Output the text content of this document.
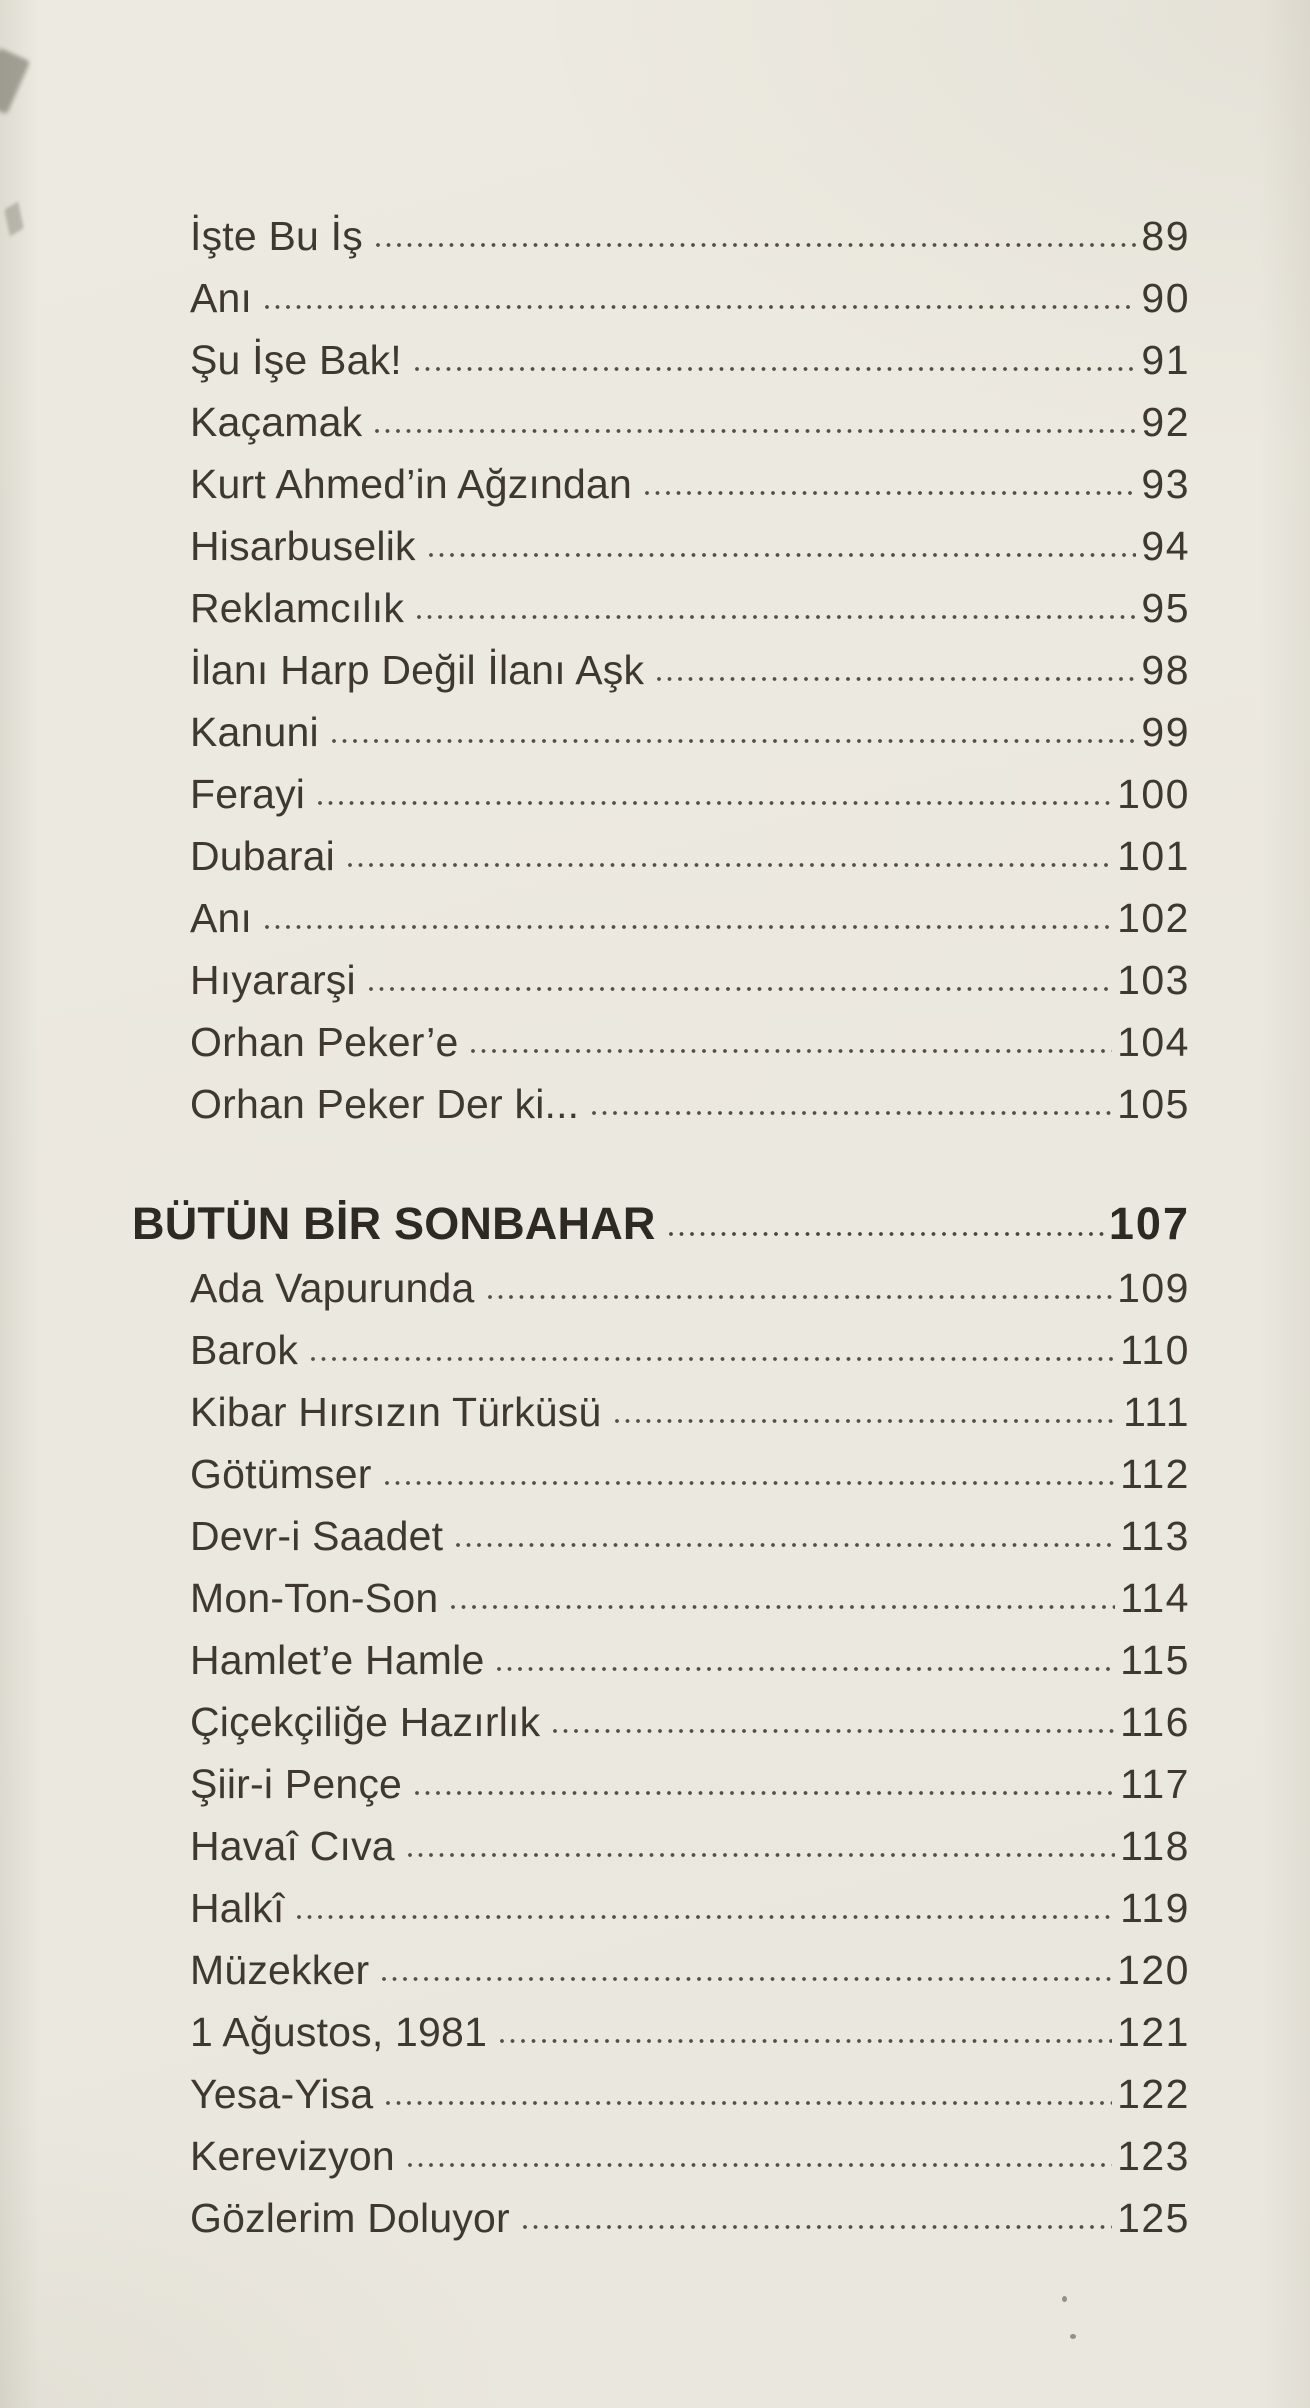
İşte Bu İş	89
Anı	90
Şu İşe Bak!	91
Kaçamak	92
Kurt Ahmed’in Ağzından	93
Hisarbuselik	94
Reklamcılık	95
İlanı Harp Değil İlanı Aşk	98
Kanuni	99
Ferayi	100
Dubarai	101
Anı	102
Hıyararşi	103
Orhan Peker’e	104
Orhan Peker Der ki...	105
BÜTÜN BİR SONBAHAR	107
Ada Vapurunda	109
Barok	110
Kibar Hırsızın Türküsü	111
Götümser	112
Devr-i Saadet	113
Mon-Ton-Son	114
Hamlet’e Hamle	115
Çiçekçiliğe Hazırlık	116
Şiir-i Pençe	117
Havaî Cıva	118
Halkî	119
Müzekker	120
1 Ağustos, 1981	121
Yesa-Yisa	122
Kerevizyon	123
Gözlerim Doluyor	125
